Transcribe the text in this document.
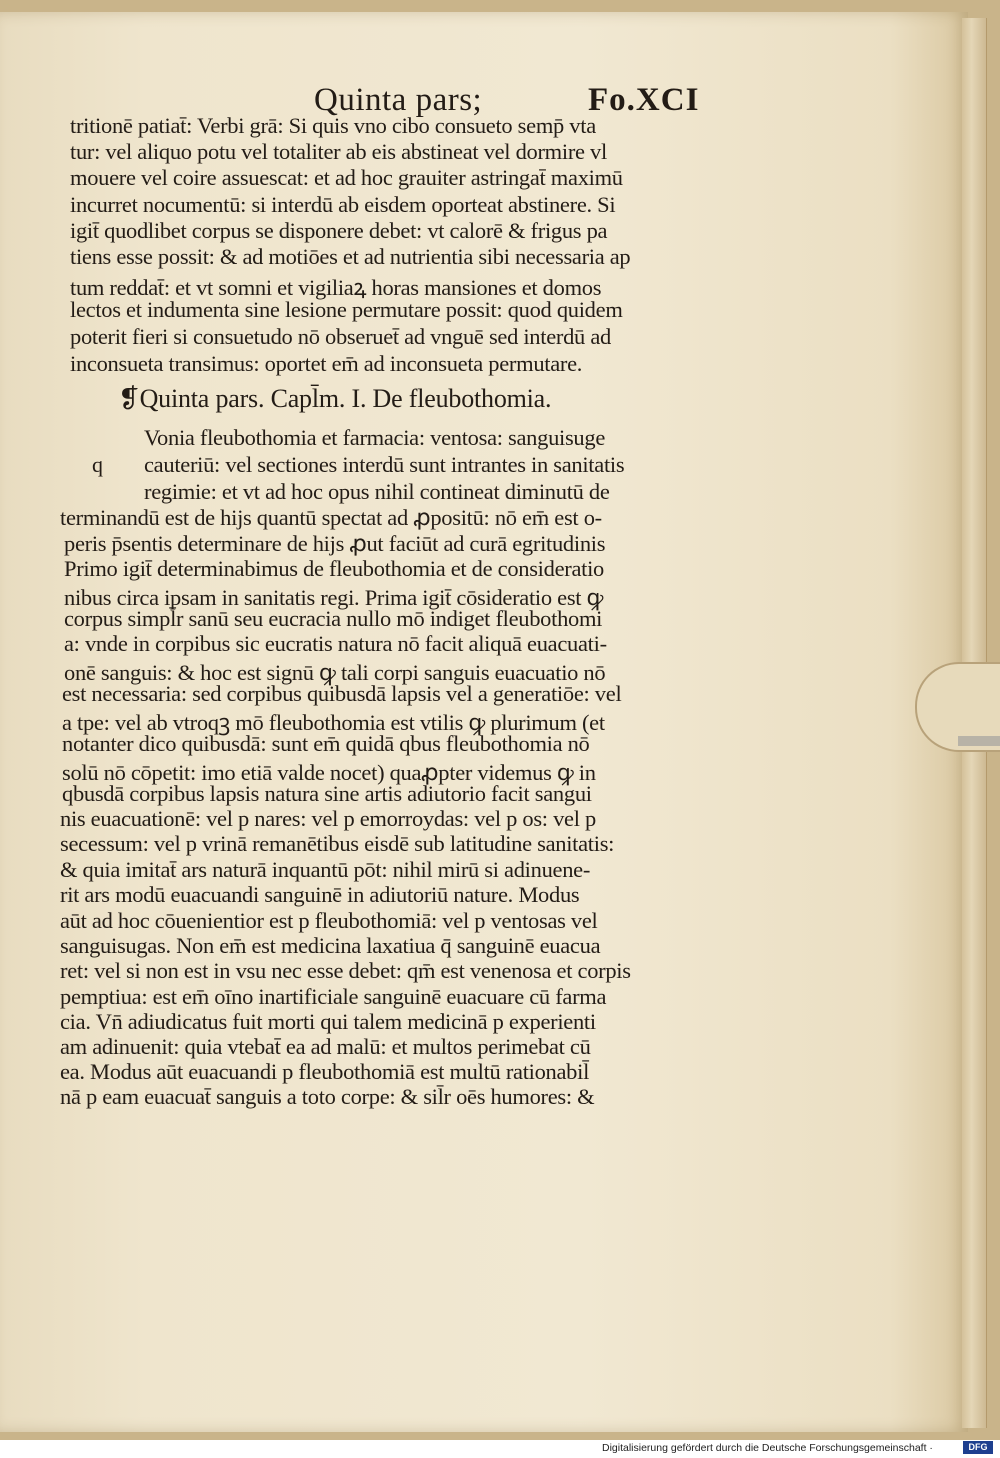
Quinta pars;	Fo.XCI
tritionē patiat̄: Verbi grā: Si quis vno cibo consueto semp̄ vta
tur: vel aliquo potu vel totaliter ab eis abstineat vel dormire vl
mouere vel coire assuescat: et ad hoc grauiter astringat̄ maximū
incurret nocumentū: si interdū ab eisdem oporteat abstinere. Si
igit̄ quodlibet corpus se disponere debet: vt calorē & frigus pa
tiens esse possit: & ad motiōes et ad nutrientia sibi necessaria ap
tum reddat̄: et vt somni et vigiliaꝝ horas mansiones et domos
lectos et indumenta sine lesione permutare possit: quod quidem
poterit fieri si consuetudo nō obseruet̄ ad vnguē sed interdū ad
inconsueta transimus: oportet em̄ ad inconsueta permutare.
❡Quinta pars. Capl̄m. I. De fleubothomia.
q
Vonia fleubothomia et farmacia: ventosa: sanguisuge
cauteriū: vel sectiones interdū sunt intrantes in sanitatis
regimie: et vt ad hoc opus nihil contineat diminutū de
terminandū est de hijs quantū spectat ad ꝓpositū: nō em̄ est o-
peris p̄sentis determinare de hijs ꝓut faciūt ad curā egritudinis
Primo igit̄ determinabimus de fleubothomia et de consideratio
nibus circa ipsam in sanitatis regi. Prima igit̄ cōsideratio est ꝙ
corpus simpl̄r sanū seu eucracia nullo mō indiget fleubothomi
a: vnde in corpibus sic eucratis natura nō facit aliquā euacuati-
onē sanguis: & hoc est signū ꝙ tali corpi sanguis euacuatio nō
est necessaria: sed corpibus quibusdā lapsis vel a generatiōe: vel
a tpe: vel ab vtroqꝫ mō fleubothomia est vtilis ꝙ plurimum (et
notanter dico quibusdā: sunt em̄ quidā qbus fleubothomia nō
solū nō cōpetit: imo etiā valde nocet) quaꝓpter videmus ꝙ in
qbusdā corpibus lapsis natura sine artis adiutorio facit sangui
nis euacuationē: vel p nares: vel p emorroydas: vel p os: vel p
secessum: vel p vrinā remanētibus eisdē sub latitudine sanitatis:
& quia imitat̄ ars naturā inquantū pōt: nihil mirū si adinuene-
rit ars modū euacuandi sanguinē in adiutoriū nature. Modus
aūt ad hoc cōuenientior est p fleubothomiā: vel p ventosas vel
sanguisugas. Non em̄ est medicina laxatiua q̄ sanguinē euacua
ret: vel si non est in vsu nec esse debet: qm̄ est venenosa et corpis
pemptiua: est em̄ oīno inartificiale sanguinē euacuare cū farma
cia. Vn̄ adiudicatus fuit morti qui talem medicinā p experienti
am adinuenit: quia vtebat̄ ea ad malū: et multos perimebat cū
ea. Modus aūt euacuandi p fleubothomiā est multū rationabil̄
nā p eam euacuat̄ sanguis a toto corpe: & sil̄r oēs humores: &
Digitalisierung gefördert durch die Deutsche Forschungsgemeinschaft ·	DFG
